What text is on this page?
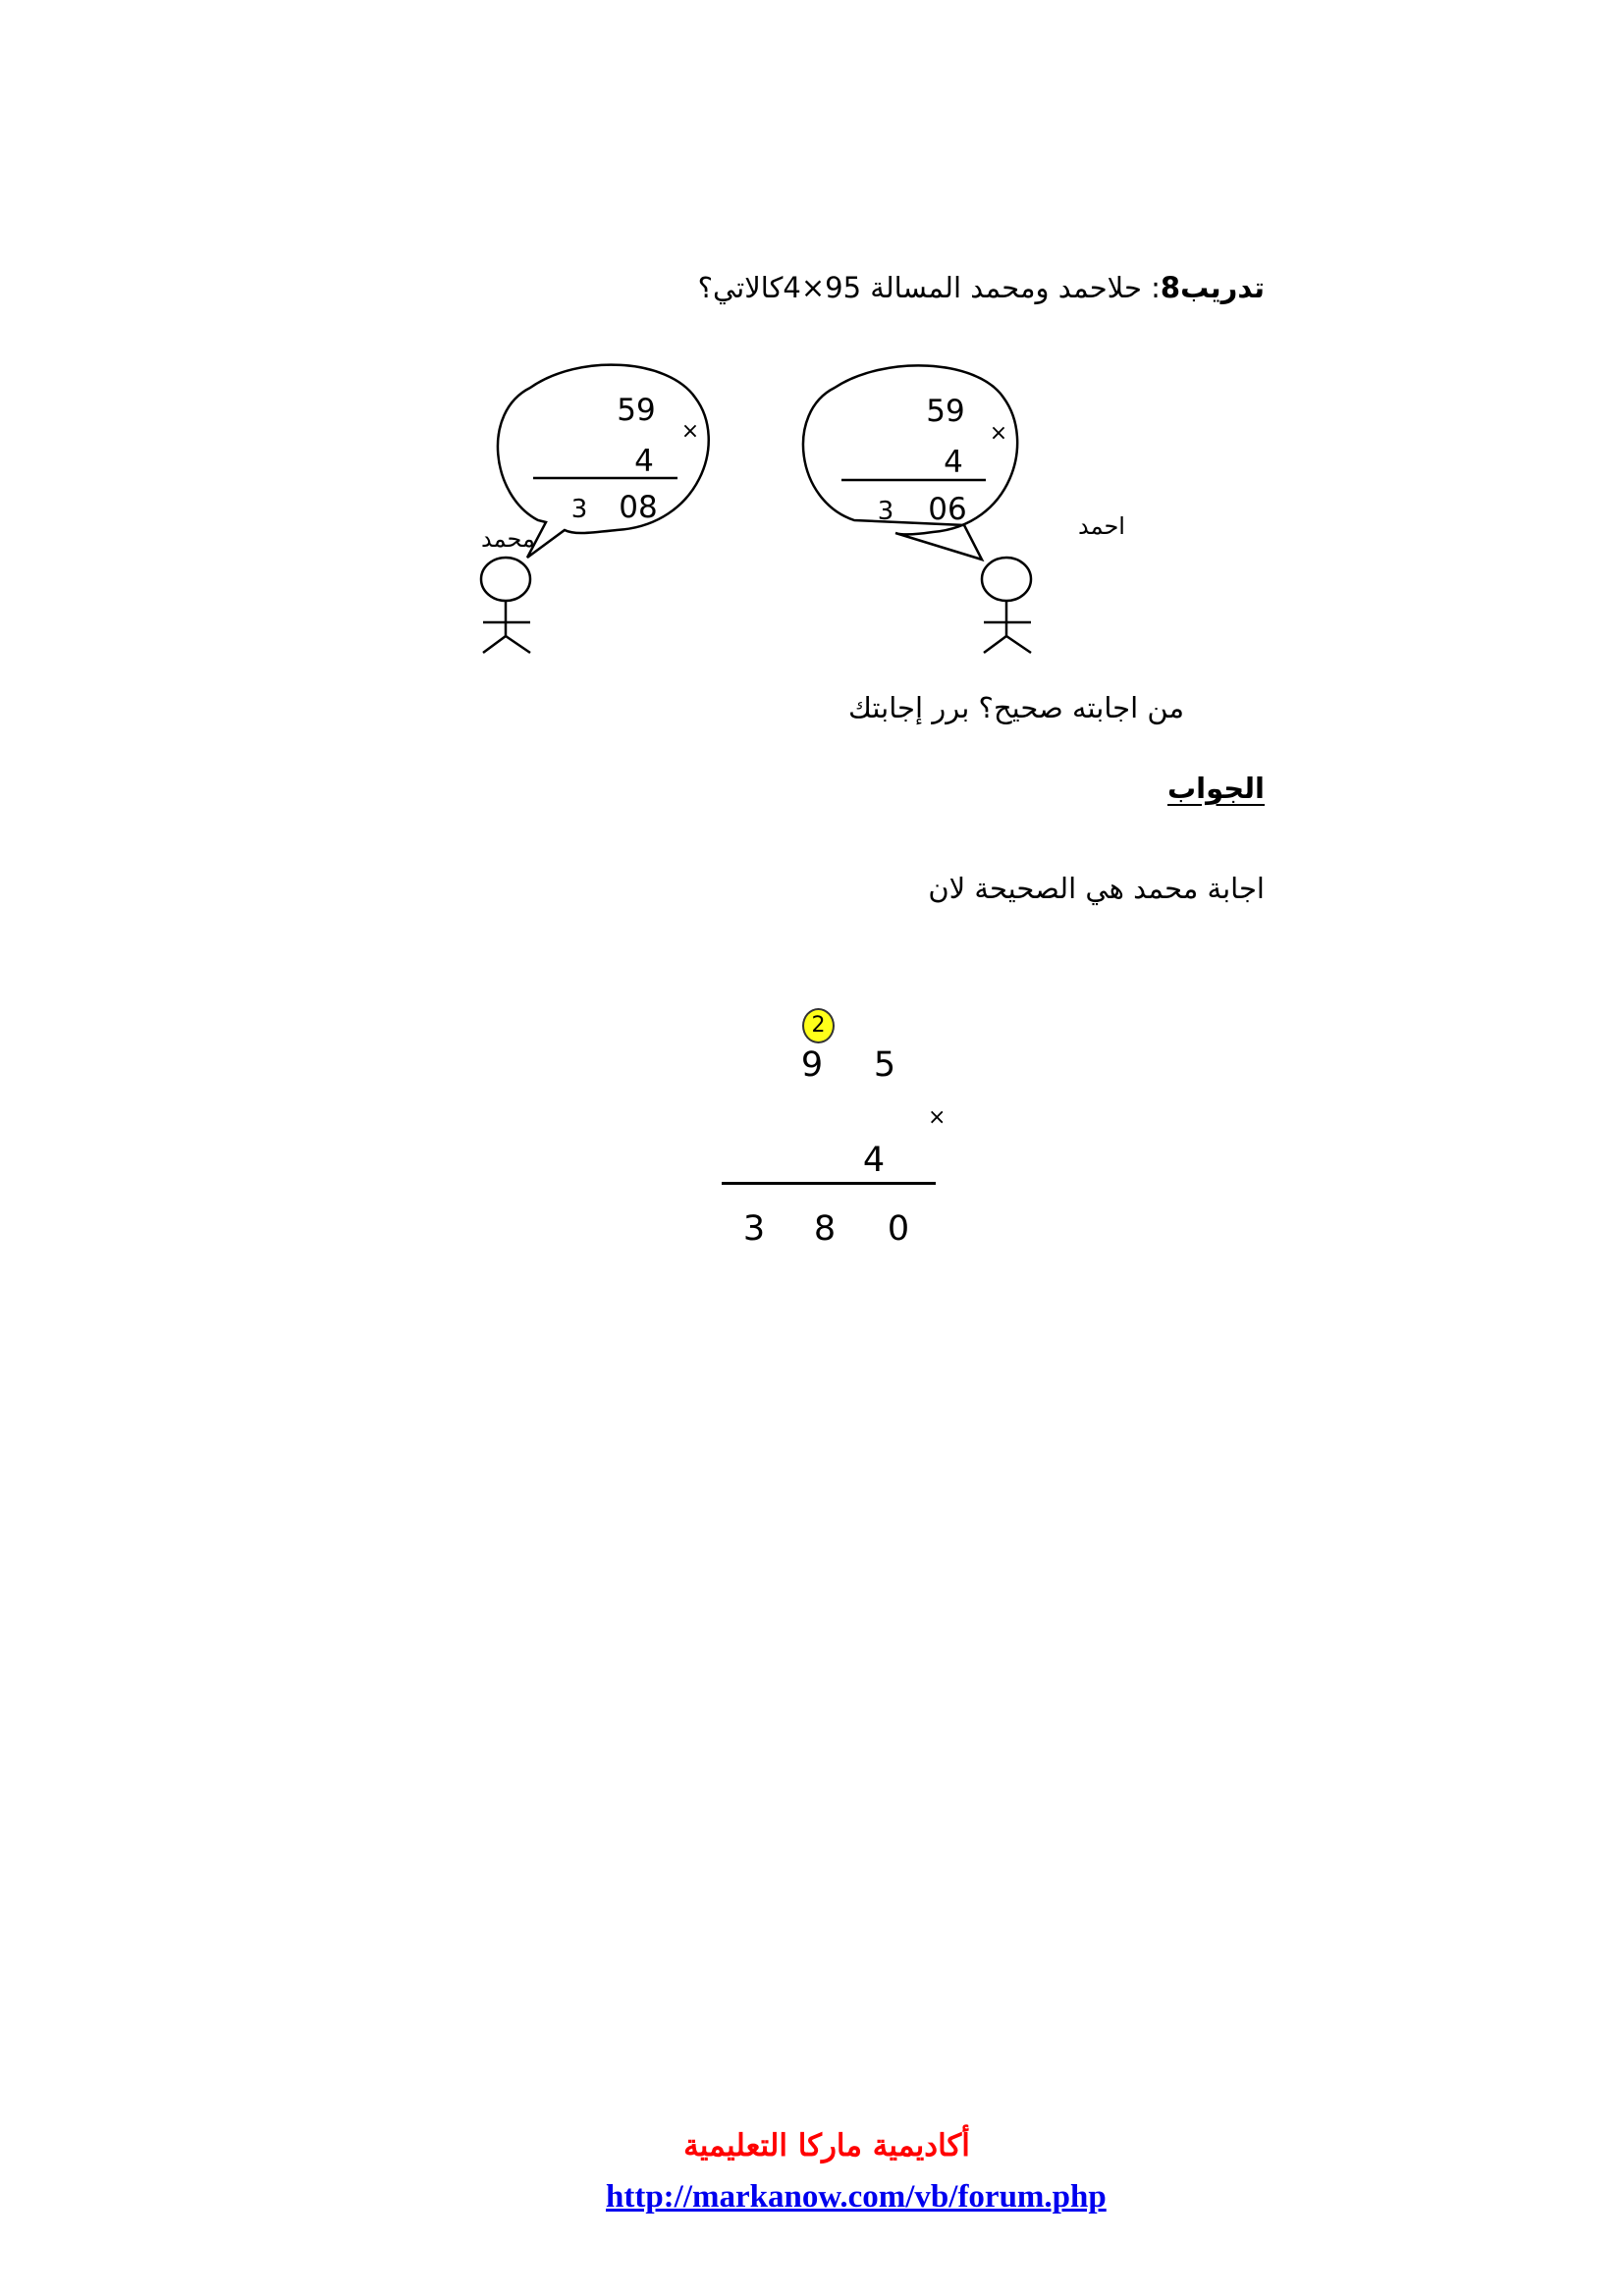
تدريب8: حلاحمد ومحمد المسالة 95×4كالاتي؟
59
×
4
3 08
محمد
59
×
4
3 06	احمد
من اجابته صحيح؟ برر إجابتك
الجواب
اجابة محمد هي الصحيحة لان
2
9 5
×
4
3 8 0
أكاديمية ماركا التعليمية
http://markanow.com/vb/forum.php
